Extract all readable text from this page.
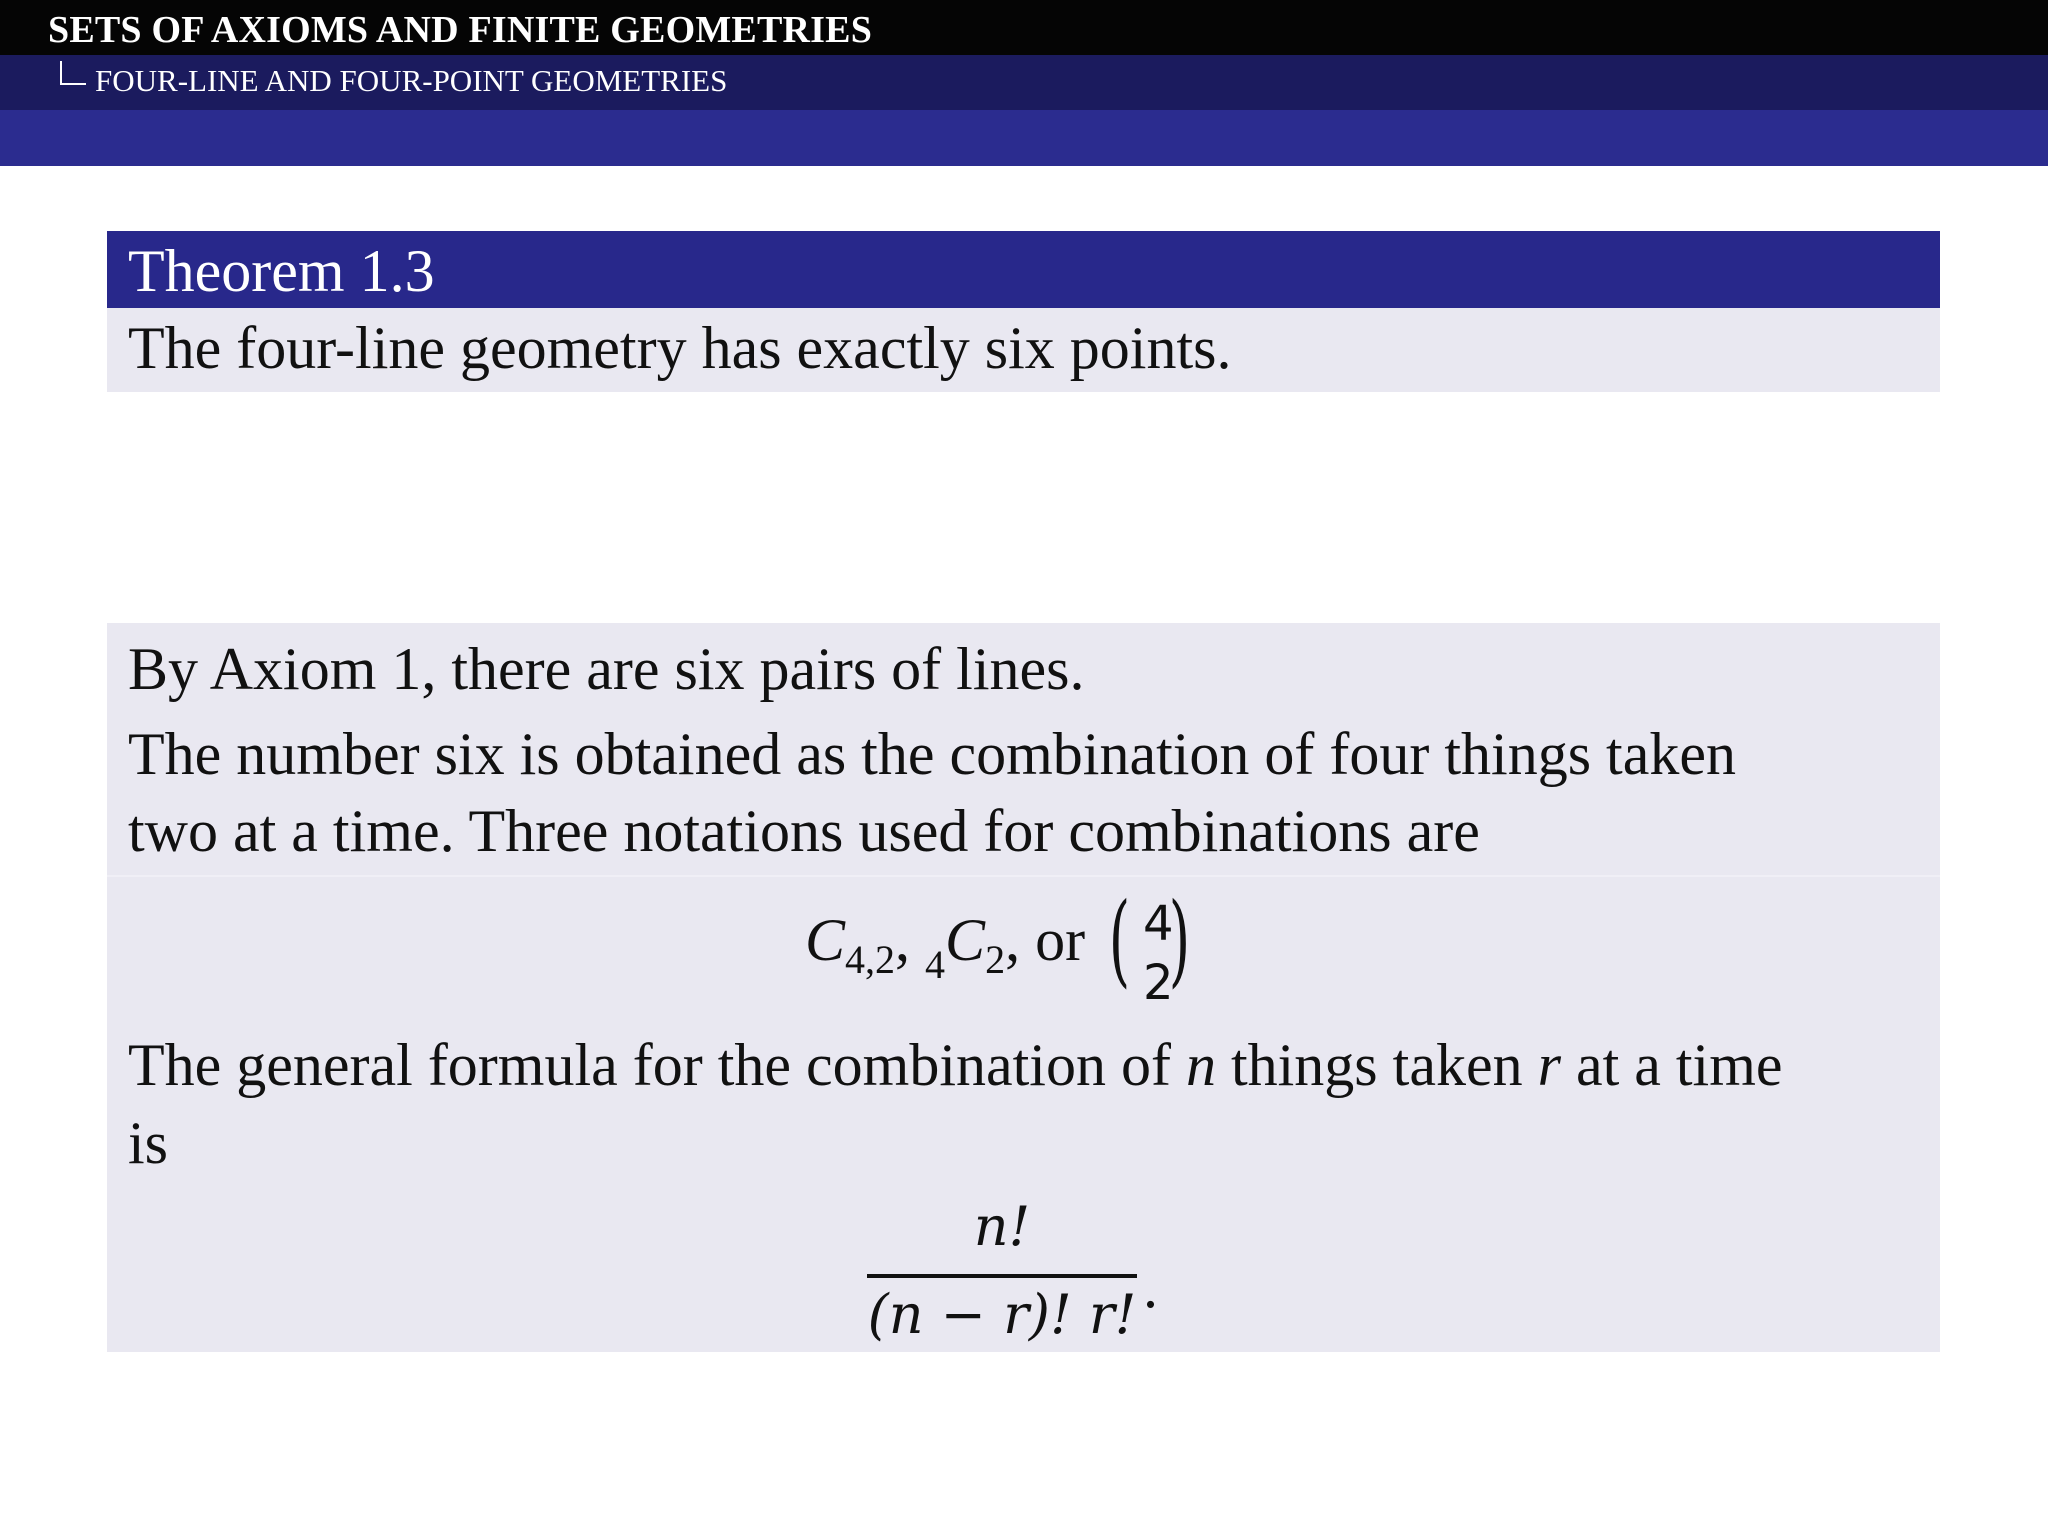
SETS OF AXIOMS AND FINITE GEOMETRIES
FOUR-LINE AND FOUR-POINT GEOMETRIES
Theorem 1.3
The four-line geometry has exactly six points.
By Axiom 1, there are six pairs of lines.
The number six is obtained as the combination of four things taken
two at a time. Three notations used for combinations are
$C_{4,2}$, $_4C_2$, or ( 4
2
)
The general formula for the combination of n things taken r at a time
is
n!
(n − r)! r! .
